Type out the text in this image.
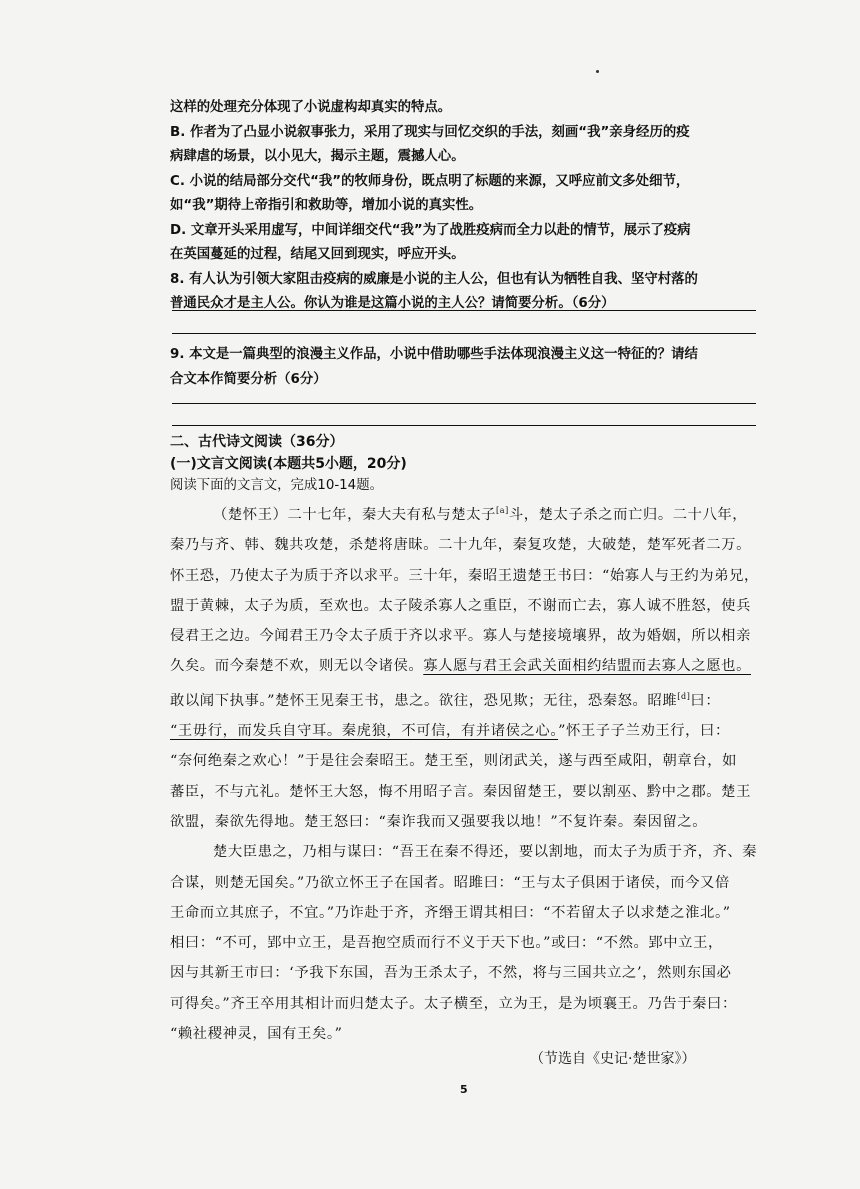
这样的处理充分体现了小说虚构却真实的特点。
B. 作者为了凸显小说叙事张力，采用了现实与回忆交织的手法，刻画“我”亲身经历的疫
病肆虐的场景，以小见大，揭示主题，震撼人心。
C. 小说的结局部分交代“我”的牧师身份，既点明了标题的来源，又呼应前文多处细节，
如“我”期待上帝指引和救助等，增加小说的真实性。
D. 文章开头采用虚写，中间详细交代“我”为了战胜疫病而全力以赴的情节，展示了疫病
在英国蔓延的过程，结尾又回到现实，呼应开头。
8. 有人认为引领大家阻击疫病的威廉是小说的主人公，但也有认为牺牲自我、坚守村落的
普通民众才是主人公。你认为谁是这篇小说的主人公？请简要分析。（6分）
9. 本文是一篇典型的浪漫主义作品，小说中借助哪些手法体现浪漫主义这一特征的？请结
合文本作简要分析（6分）
二、古代诗文阅读（36分）
(一)文言文阅读(本题共5小题，20分)
阅读下面的文言文，完成10-14题。
（楚怀王）二十七年，秦大夫有私与楚太子[a]斗，楚太子杀之而亡归。二十八年，
秦乃与齐、韩、魏共攻楚，杀楚将唐昧。二十九年，秦复攻楚，大破楚，楚军死者二万。
怀王恐，乃使太子为质于齐以求平。三十年，秦昭王遗楚王书曰：“始寡人与王约为弟兄，
盟于黄棘，太子为质，至欢也。太子陵杀寡人之重臣，不谢而亡去，寡人诚不胜怒，使兵
侵君王之边。今闻君王乃令太子质于齐以求平。寡人与楚接境壤界，故为婚姻，所以相亲
久矣。而今秦楚不欢，则无以令诸侯。寡人愿与君王会武关面相约结盟而去寡人之愿也。
敢以闻下执事。”楚怀王见秦王书，患之。欲往，恐见欺；无往，恐秦怒。昭雎[d]曰：
“王毋行，而发兵自守耳。秦虎狼，不可信，有并诸侯之心。”怀王子子兰劝王行，曰：
“奈何绝秦之欢心！”于是往会秦昭王。楚王至，则闭武关，遂与西至咸阳，朝章台，如
蕃臣，不与亢礼。楚怀王大怒，悔不用昭子言。秦因留楚王，要以割巫、黔中之郡。楚王
欲盟，秦欲先得地。楚王怒曰：“秦诈我而又强要我以地！”不复许秦。秦因留之。
楚大臣患之，乃相与谋曰：“吾王在秦不得还，要以割地，而太子为质于齐，齐、秦
合谋，则楚无国矣。”乃欲立怀王子在国者。昭雎曰：“王与太子俱困于诸侯，而今又倍
王命而立其庶子，不宜。”乃诈赴于齐，齐缗王谓其相曰：“不若留太子以求楚之淮北。”
相曰：“不可，郢中立王，是吾抱空质而行不义于天下也。”或曰：“不然。郢中立王，
因与其新王市曰：‘予我下东国，吾为王杀太子，不然，将与三国共立之’，然则东国必
可得矣。”齐王卒用其相计而归楚太子。太子横至，立为王，是为顷襄王。乃告于秦曰：
“赖社稷神灵，国有王矣。”
（节选自《史记·楚世家》）
5
